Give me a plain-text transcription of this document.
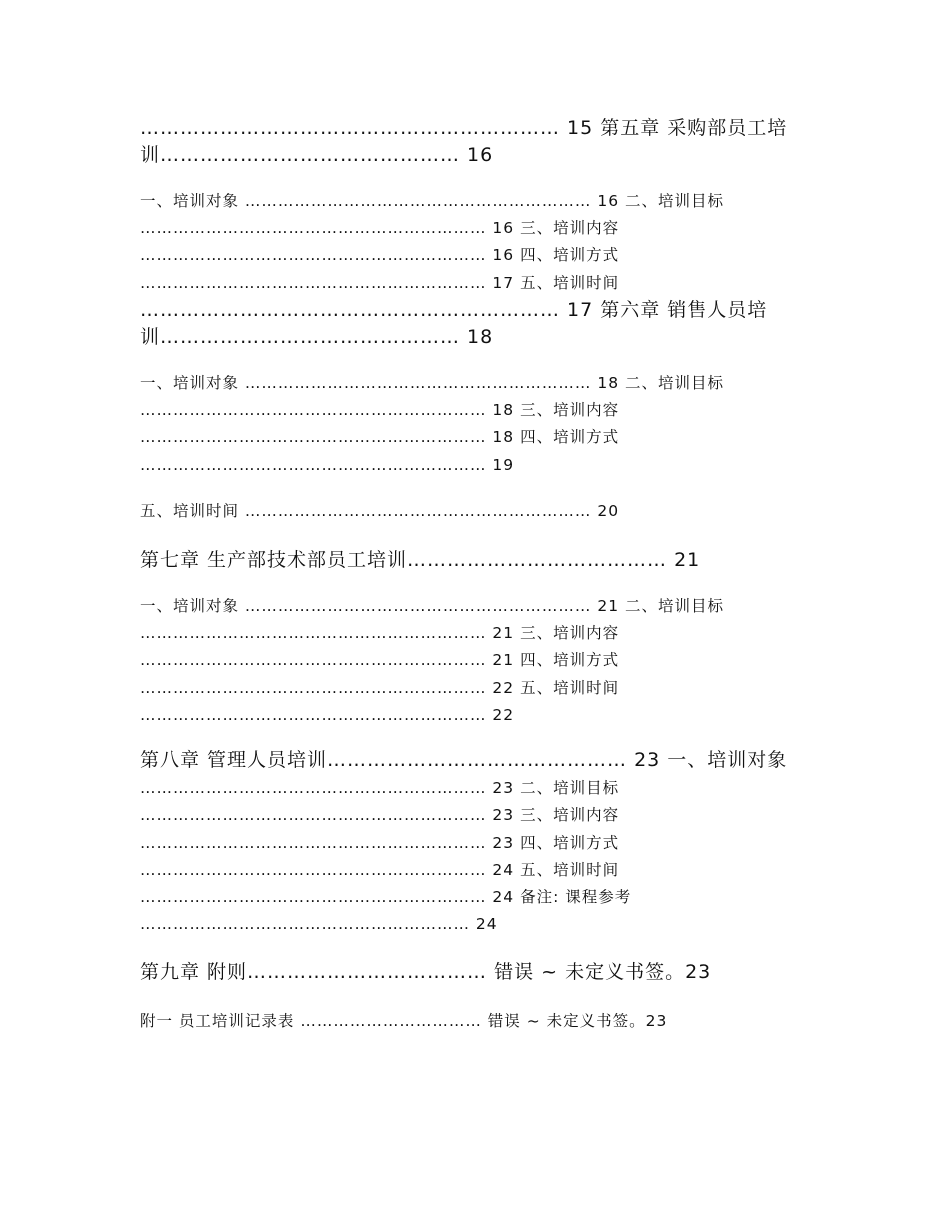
……………………………………………………… 15 第五章 采购部员工培
训……………………………………… 16
一、培训对象 ……………………………………………………… 16 二、培训目标
……………………………………………………… 16 三、培训内容
……………………………………………………… 16 四、培训方式
……………………………………………………… 17 五、培训时间
……………………………………………………… 17 第六章 销售人员培
训……………………………………… 18
一、培训对象 ……………………………………………………… 18 二、培训目标
……………………………………………………… 18 三、培训内容
……………………………………………………… 18 四、培训方式
……………………………………………………… 19
五、培训时间 ……………………………………………………… 20
第七章 生产部技术部员工培训………………………………… 21
一、培训对象 ……………………………………………………… 21 二、培训目标
……………………………………………………… 21 三、培训内容
……………………………………………………… 21 四、培训方式
……………………………………………………… 22 五、培训时间
……………………………………………………… 22
第八章 管理人员培训……………………………………… 23 一、培训对象
……………………………………………………… 23 二、培训目标
……………………………………………………… 23 三、培训内容
……………………………………………………… 23 四、培训方式
……………………………………………………… 24 五、培训时间
……………………………………………………… 24 备注: 课程参考
…………………………………………………… 24
第九章 附则……………………………… 错误 ~ 未定义书签。23
附一 员工培训记录表 …………………………… 错误 ~ 未定义书签。23
